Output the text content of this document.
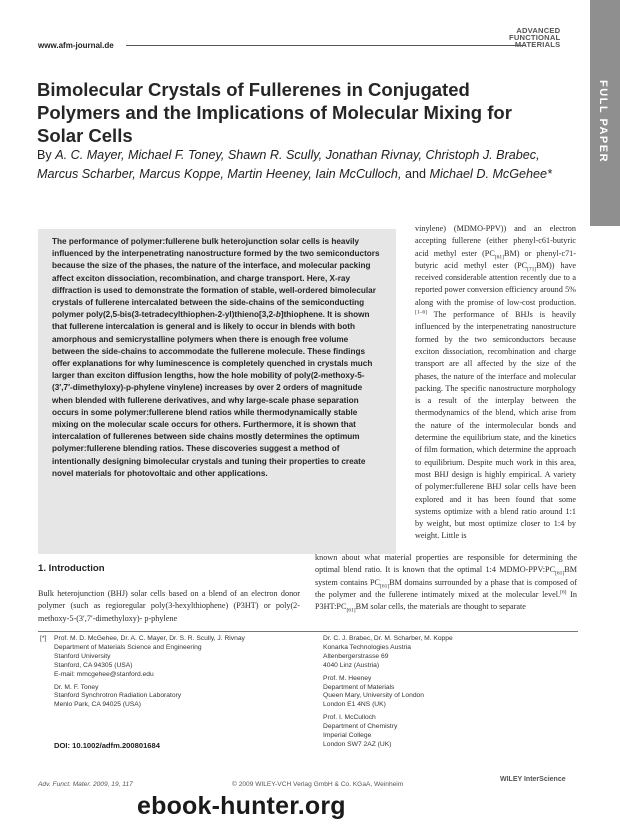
www.afm-journal.de
ADVANCED
FUNCTIONAL
MATERIALS
FULL PAPER
Bimolecular Crystals of Fullerenes in Conjugated Polymers and the Implications of Molecular Mixing for Solar Cells
By A. C. Mayer, Michael F. Toney, Shawn R. Scully, Jonathan Rivnay, Christoph J. Brabec, Marcus Scharber, Marcus Koppe, Martin Heeney, Iain McCulloch, and Michael D. McGehee*
The performance of polymer:fullerene bulk heterojunction solar cells is heavily influenced by the interpenetrating nanostructure formed by the two semiconductors because the size of the phases, the nature of the interface, and molecular packing affect exciton dissociation, recombination, and charge transport. Here, X-ray diffraction is used to demonstrate the formation of stable, well-ordered bimolecular crystals of fullerene intercalated between the side-chains of the semiconducting polymer poly(2,5-bis(3-tetradecylthiophen-2-yl)thieno[3,2-b]thiophene. It is shown that fullerene intercalation is general and is likely to occur in blends with both amorphous and semicrystalline polymers when there is enough free volume between the side-chains to accommodate the fullerene molecule. These findings offer explanations for why luminescence is completely quenched in crystals much larger than exciton diffusion lengths, how the hole mobility of poly(2-methoxy-5-(3′,7′-dimethyloxy)-p-phylene vinylene) increases by over 2 orders of magnitude when blended with fullerene derivatives, and why large-scale phase separation occurs in some polymer:fullerene blend ratios while thermodynamically stable mixing on the molecular scale occurs for others. Furthermore, it is shown that intercalation of fullerenes between side chains mostly determines the optimum polymer:fullerene blending ratios. These discoveries suggest a method of intentionally designing bimolecular crystals and tuning their properties to create novel materials for photovoltaic and other applications.
vinylene) (MDMO-PPV)) and an electron accepting fullerene (either phenyl-c61-butyric acid methyl ester $(PC_{[61]}BM)$ or phenyl-c71-butyric acid methyl ester $(PC_{[71]}BM)$) have received considerable attention recently due to a reported power conversion efficiency around 5% along with the promise of low-cost production.[1–6] The performance of BHJs is heavily influenced by the interpenetrating nanostructure formed by the two semiconductors because exciton dissociation, recombination and charge transport are all affected by the size of the phases, the nature of the interface and molecular packing. The specific nanostructure morphology is a result of the interplay between the thermodynamics of the blend, which arise from the nature of the intermolecular bonds and determine the equilibrium state, and the kinetics of film formation, which determine the approach to equilibrium. Despite much work in this area, most BHJ design is highly empirical. A variety of polymer:fullerene BHJ solar cells have been explored and it has been found that some systems optimize with a blend ratio around 1:1 by weight, but most optimize closer to 1:4 by weight. Little is
known about what material properties are responsible for determining the optimal blend ratio. It is known that the optimal 1:4 MDMO-$PPV:PC_{[61]}BM$ system contains $PC_{[61]}BM$ domains surrounded by a phase that is composed of the polymer and the fullerene intimately mixed at the molecular level.[6] In $P3HT:PC_{[61]}BM$ solar cells, the materials are thought to separate
1. Introduction
Bulk heterojunction (BHJ) solar cells based on a blend of an electron donor polymer (such as regioregular poly(3-hexylthiophene) (P3HT) or poly(2-methoxy-5-(3′,7′-dimethyloxy)- p-phylene
[*] Prof. M. D. McGehee, Dr. A. C. Mayer, Dr. S. R. Scully, J. Rivnay
Department of Materials Science and Engineering
Stanford University
Stanford, CA 94305 (USA)
E-mail: mmcgehee@stanford.edu
Dr. M. F. Toney
Stanford Synchrotron Radiation Laboratory
Menlo Park, CA 94025 (USA)
Dr. C. J. Brabec, Dr. M. Scharber, M. Koppe
Konarka Technologies Austria
Altenbergerstrasse 69
4040 Linz (Austria)
Prof. M. Heeney
Department of Materials
Queen Mary, University of London
London E1 4NS (UK)
Prof. I. McCulloch
Department of Chemistry
Imperial College
London SW7 2AZ (UK)
DOI: 10.1002/adfm.200801684
Adv. Funct. Mater. 2009, 19, 117	© 2009 WILEY-VCH Verlag GmbH & Co. KGaA, Weinheim
WILEY InterScience
ebook-hunter.org
